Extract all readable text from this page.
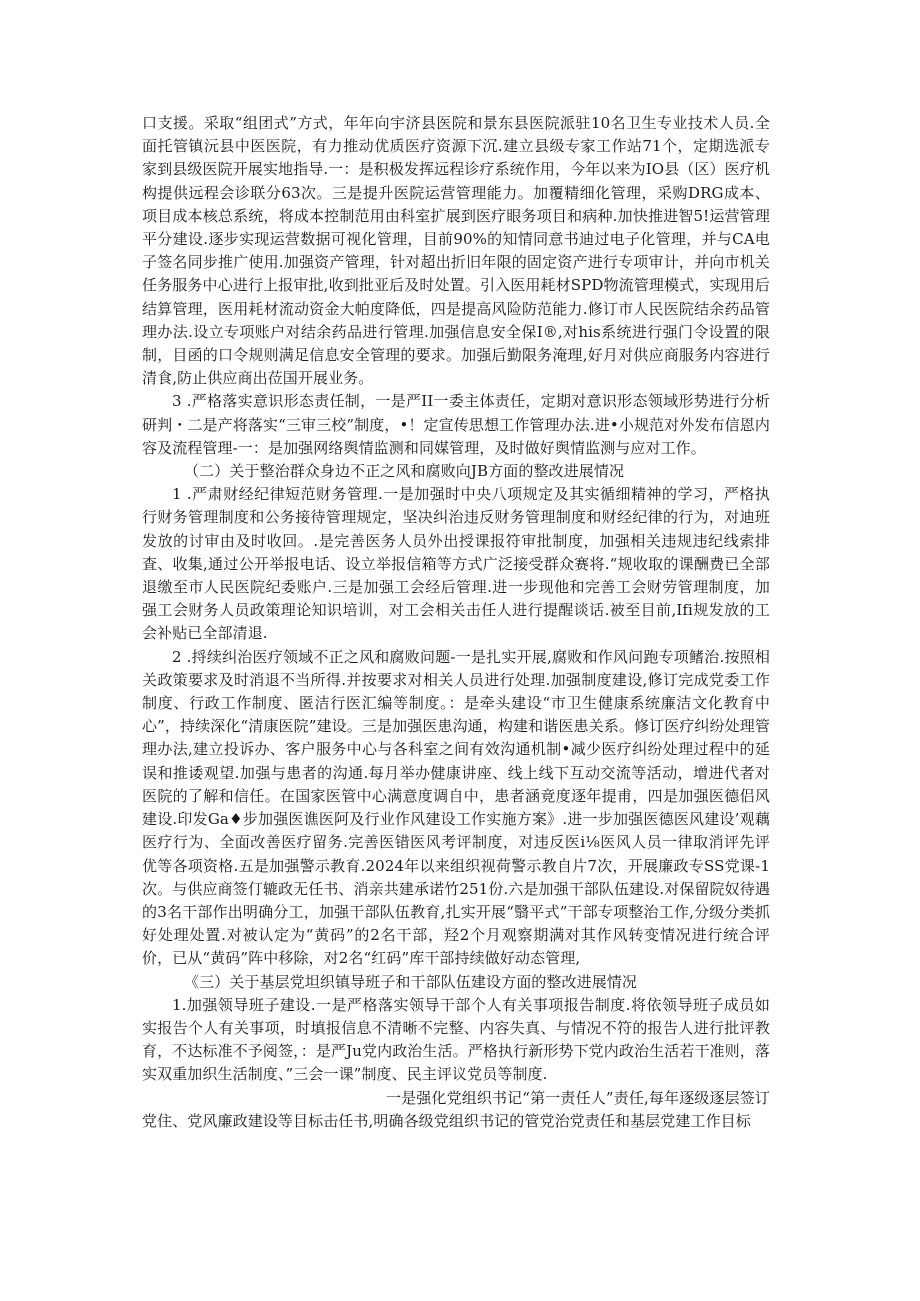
口支援。采取“组团式”方式，年年向宇济县医院和景东县医院派驻10名卫生专业技术人员.全面托管镇沅县中医医院，有力推动优质医疗资源下沉.建立县级专家工作站71个，定期选派专家到县级医院开展实地指导.一：是积极发挥远程诊疗系统作用，今年以来为IO县（区）医疗机构提供远程会诊联分63次。三是提升医院运营管理能力。加覆精细化管理，采购DRG成本、项目成本核总系统，将成本控制范用由科室扩展到医疗眼务项目和病种.加快推进智5!运营管理平分建设.逐步实现运营数据可视化管理，目前90%的知情同意书迪过电子化管理，并与CA电子签名同步推广使用.加强资产管理，针对超出折旧年限的固定资产进行专项审计，并向市机关任务服务中心进行上报审批,收到批亚后及时处置。引入医用耗材SPD物流管理模式，实现用后结算管理，医用耗材流动资金大帕度降低，四是提高风险防范能力.修订市人民医院结余药品管理办法.设立专项账户对结余药品进行管理.加强信息安全保I®,对his系统进行强门令设置的限制，目函的口令规则满足信息安全管理的要求。加强后勤限务淹理,好月对供应商服务内容进行清食,防止供应商出莅国开展业务。

3 .严格落实意识形态责任制，一是严II一委主体责任，定期对意识形态领域形势进行分析研判・二是产将落实“三审三校”制度，•！定宣传思想工作管理办法.进•小规范对外发布信恩内容及流程管理-一：是加强网络舆情监测和同媒管理，及时做好舆情监测与应对工作。

（二）关于整治群众身边不正之风和腐败向JB方面的整改进展情况

1 .严肃财经纪律短范财务管理.一是加强时中央八项规定及其实循细精神的学习，严格执行财务管理制度和公务接待管理规定，坚决纠治违反财务管理制度和财经纪律的行为，对迪班发放的讨审由及时收回。.是完善医务人员外出授课报符审批制度，加强相关违规违纪线索排査、收集,通过公开举报电话、设立举报信箱等方式广泛接受群众赛将.“规收取的课酬费已全部退缴至市人民医院纪委账户.三是加强工会经后管理.进一步现他和完善工会财劳管理制度，加强工会财务人员政策理论知识培训，对工会相关击任人进行提醒谈话.被至目前,Ifi规发放的工会补贴已全部清退.

2 .捋续纠治医疗领域不正之风和腐败问题-一是扎实开展,腐败和作风问跑专项鳍治.按照相关政策要求及时消退不当所得.并按要求对相关人员进行处理.加强制度建设,修订完成党委工作制度、行政工作制度、匿洁行医汇编等制度。：是牵头建设“市卫生健康系统廉洁文化教育中心”，持续深化“清康医院”建设。三是加强医患沟通，构建和谐医患关系。修订医疗纠纷处理管理办法,建立投诉办、客户服务中心与各科室之间有效沟通机制•减少医疗纠纷处理过程中的延误和推诿观望.加强与患者的沟通.每月举办健康讲座、线上线下互动交流等活动，增进代者对医院的了解和信任。在国家医管中心满意度调自中，患者涵竟度逐年提甫，四是加强医德侣风建设.印发Ga♦步加强医谯医阿及行业作风建设工作实施方案》.进一步加强医德医风建设’观藕医疗行为、全面改善医疗留务.完善医错医风考评制度，对违反医i⅛医风人员一律取消评先评优等各项资格.五是加强警示教育.2024年以来组织视荷警示教自片7次，开展廉政专SS党课-1次。与供应商签仃辘政无任书、消亲共建承诺竹251份.六是加强干部队伍建设.对保留院奴待遇的3名干部作出明确分工，加强干部队伍教育,扎实开展“翳平式”干部专项整治工作,分级分类抓好处理处置.对被认定为“黄码”的2名干部，羟2个月观察期满对其作风转变情况进行统合评价，已从“黄码”阵中移除，对2名“红码”库干部持续做好动态管理,

《三）关于基层党坦织镇导班子和干部队伍建设方面的整改进展情况

1.加强领导班子建设.一是严格落实领导干部个人有关事项报告制度.将依领导班子成员如实报告个人有关事项，时填报信息不清晰不完整、内容失真、与情况不符的报告人进行批评教育，不达标准不予阅签，：是严Ju党内政治生活。严格执行新形势下党内政治生活若干准则，落实双重加织生活制度、”三会一课”制度、民主评议党员等制度.

一是强化党组织书记“第一责任人”责任,每年逐级逐层签订党住、党风廉政建设等目标击任书,明确各级党组织书记的管党治党责任和基层党建工作目标
